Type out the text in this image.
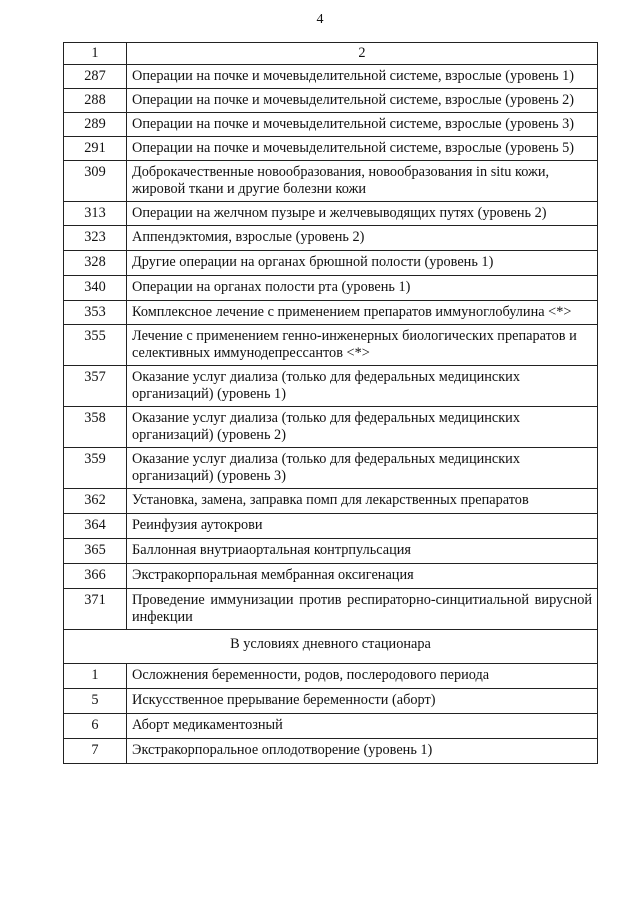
4
1	2
287	Операции на почке и мочевыделительной системе, взрослые (уровень 1)
288	Операции на почке и мочевыделительной системе, взрослые (уровень 2)
289	Операции на почке и мочевыделительной системе, взрослые (уровень 3)
291	Операции на почке и мочевыделительной системе, взрослые (уровень 5)
309	Доброкачественные новообразования, новообразования in situ кожи, жировой ткани и другие болезни кожи
313	Операции на желчном пузыре и желчевыводящих путях (уровень 2)
323	Аппендэктомия, взрослые (уровень 2)
328	Другие операции на органах брюшной полости (уровень 1)
340	Операции на органах полости рта (уровень 1)
353	Комплексное лечение с применением препаратов иммуноглобулина <*>
355	Лечение с применением генно-инженерных биологических препаратов и селективных иммунодепрессантов <*>
357	Оказание услуг диализа (только для федеральных медицинских организаций) (уровень 1)
358	Оказание услуг диализа (только для федеральных медицинских организаций) (уровень 2)
359	Оказание услуг диализа (только для федеральных медицинских организаций) (уровень 3)
362	Установка, замена, заправка помп для лекарственных препаратов
364	Реинфузия аутокрови
365	Баллонная внутриаортальная контрпульсация
366	Экстракорпоральная мембранная оксигенация
371	Проведение иммунизации против респираторно-синцитиальной вирусной инфекции
В условиях дневного стационара	
1	Осложнения беременности, родов, послеродового периода
5	Искусственное прерывание беременности (аборт)
6	Аборт медикаментозный
7	Экстракорпоральное оплодотворение (уровень 1)
